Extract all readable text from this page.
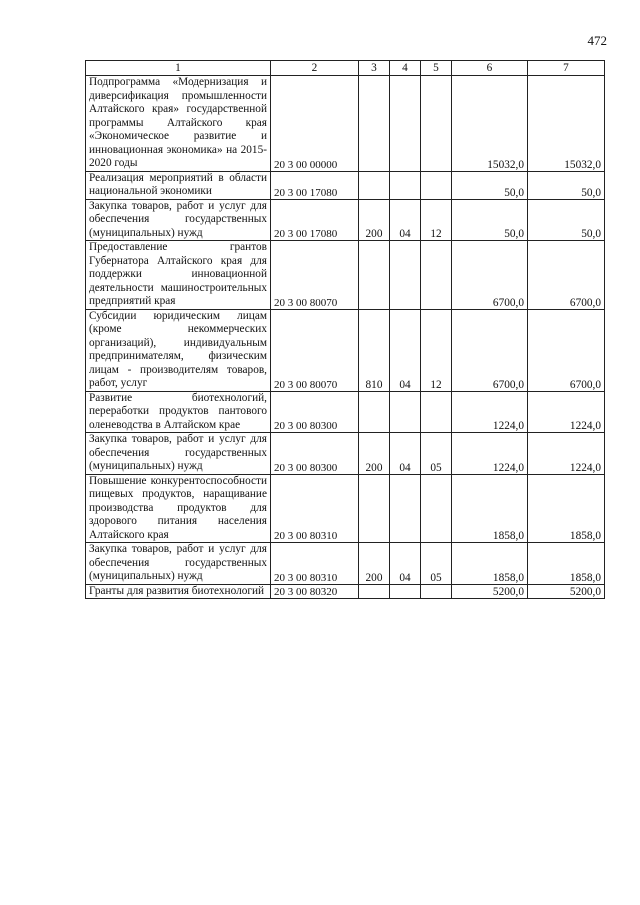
472
1	2	3	4	5	6	7
Подпрограмма «Модернизация и диверсификация промышленности Алтайского края» государственной программы Алтайского края «Экономическое развитие и инновационная экономика» на 2015-2020 годы	20 3 00 00000				15032,0	15032,0
Реализация мероприятий в области национальной экономики	20 3 00 17080				50,0	50,0
Закупка товаров, работ и услуг для обеспечения государственных (муниципальных) нужд	20 3 00 17080	200	04	12	50,0	50,0
Предоставление грантов Губернатора Алтайского края для поддержки инновационной деятельности машиностроительных предприятий края	20 3 00 80070				6700,0	6700,0
Субсидии юридическим лицам (кроме некоммерческих организаций), индивидуальным предпринимателям, физическим лицам - производителям товаров, работ, услуг	20 3 00 80070	810	04	12	6700,0	6700,0
Развитие биотехнологий, переработки продуктов пантового оленеводства в Алтайском крае	20 3 00 80300				1224,0	1224,0
Закупка товаров, работ и услуг для обеспечения государственных (муниципальных) нужд	20 3 00 80300	200	04	05	1224,0	1224,0
Повышение конкурентоспособности пищевых продуктов, наращивание производства продуктов для здорового питания населения Алтайского края	20 3 00 80310				1858,0	1858,0
Закупка товаров, работ и услуг для обеспечения государственных (муниципальных) нужд	20 3 00 80310	200	04	05	1858,0	1858,0
Гранты для развития биотехнологий	20 3 00 80320				5200,0	5200,0
